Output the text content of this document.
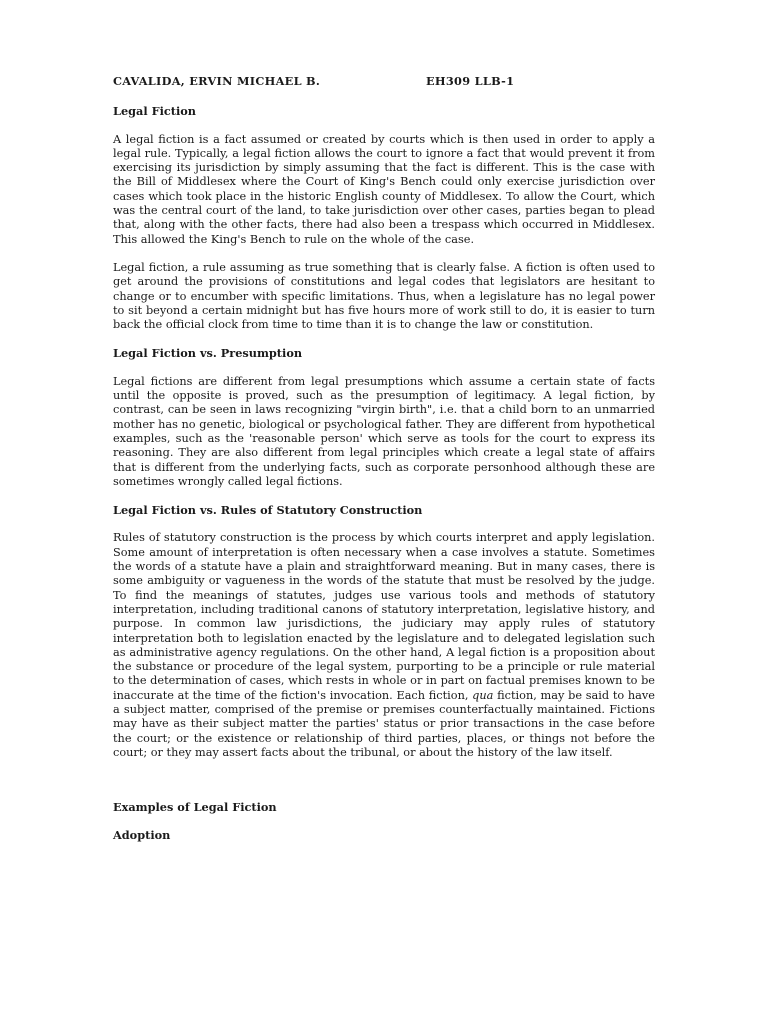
CAVALIDA, ERVIN MICHAEL B.	EH309 LLB-1
Legal Fiction

A legal fiction is a fact assumed or created by courts which is then used in order to apply a legal rule. Typically, a legal fiction allows the court to ignore a fact that would prevent it from exercising its jurisdiction by simply assuming that the fact is different. This is the case with the Bill of Middlesex where the Court of King's Bench could only exercise jurisdiction over cases which took place in the historic English county of Middlesex. To allow the Court, which was the central court of the land, to take jurisdiction over other cases, parties began to plead that, along with the other facts, there had also been a trespass which occurred in Middlesex. This allowed the King's Bench to rule on the whole of the case.

Legal fiction, a rule assuming as true something that is clearly false. A fiction is often used to get around the provisions of constitutions and legal codes that legislators are hesitant to change or to encumber with specific limitations. Thus, when a legislature has no legal power to sit beyond a certain midnight but has five hours more of work still to do, it is easier to turn back the official clock from time to time than it is to change the law or constitution.

Legal Fiction vs. Presumption

Legal fictions are different from legal presumptions which assume a certain state of facts until the opposite is proved, such as the presumption of legitimacy. A legal fiction, by contrast, can be seen in laws recognizing "virgin birth", i.e. that a child born to an unmarried mother has no genetic, biological or psychological father. They are different from hypothetical examples, such as the 'reasonable person' which serve as tools for the court to express its reasoning. They are also different from legal principles which create a legal state of affairs that is different from the underlying facts, such as corporate personhood although these are sometimes wrongly called legal fictions.

Legal Fiction vs. Rules of Statutory Construction

Rules of statutory construction is the process by which courts interpret and apply legislation. Some amount of interpretation is often necessary when a case involves a statute. Sometimes the words of a statute have a plain and straightforward meaning. But in many cases, there is some ambiguity or vagueness in the words of the statute that must be resolved by the judge. To find the meanings of statutes, judges use various tools and methods of statutory interpretation, including traditional canons of statutory interpretation, legislative history, and purpose. In common law jurisdictions, the judiciary may apply rules of statutory interpretation both to legislation enacted by the legislature and to delegated legislation such as administrative agency regulations. On the other hand, A legal fiction is a proposition about the substance or procedure of the legal system, purporting to be a principle or rule material to the determination of cases, which rests in whole or in part on factual premises known to be inaccurate at the time of the fiction's invocation. Each fiction, qua fiction, may be said to have a subject matter, comprised of the premise or premises counterfactually maintained. Fictions may have as their subject matter the parties' status or prior transactions in the case before the court; or the existence or relationship of third parties, places, or things not before the court; or they may assert facts about the tribunal, or about the history of the law itself.

Examples of Legal Fiction
Adoption
